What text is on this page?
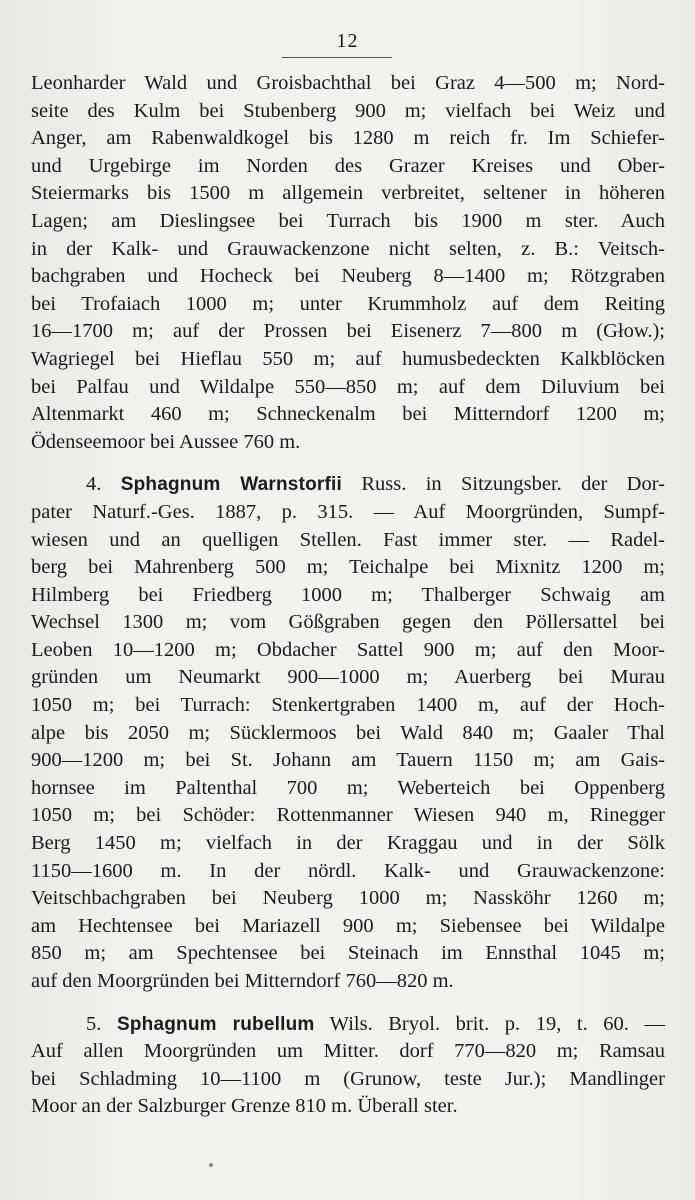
12
Leonharder Wald und Groisbachthal bei Graz 4—500 m; Nord-
seite des Kulm bei Stubenberg 900 m; vielfach bei Weiz und
Anger, am Rabenwaldkogel bis 1280 m reich fr. Im Schiefer-
und Urgebirge im Norden des Grazer Kreises und Ober-
Steiermarks bis 1500 m allgemein verbreitet, seltener in höheren
Lagen; am Dieslingsee bei Turrach bis 1900 m ster. Auch
in der Kalk- und Grauwackenzone nicht selten, z. B.: Veitsch-
bachgraben und Hocheck bei Neuberg 8—1400 m; Rötzgraben
bei Trofaiach 1000 m; unter Krummholz auf dem Reiting
16—1700 m; auf der Prossen bei Eisenerz 7—800 m (Głow.);
Wagriegel bei Hieflau 550 m; auf humusbedeckten Kalkblöcken
bei Palfau und Wildalpe 550—850 m; auf dem Diluvium bei
Altenmarkt 460 m; Schneckenalm bei Mitterndorf 1200 m;
Ödenseemoor bei Aussee 760 m.
4. Sphagnum Warnstorfii Russ. in Sitzungsber. der Dor-
pater Naturf.-Ges. 1887, p. 315. — Auf Moorgründen, Sumpf-
wiesen und an quelligen Stellen. Fast immer ster. — Radel-
berg bei Mahrenberg 500 m; Teichalpe bei Mixnitz 1200 m;
Hilmberg bei Friedberg 1000 m; Thalberger Schwaig am
Wechsel 1300 m; vom Gößgraben gegen den Pöllersattel bei
Leoben 10—1200 m; Obdacher Sattel 900 m; auf den Moor-
gründen um Neumarkt 900—1000 m; Auerberg bei Murau
1050 m; bei Turrach: Stenkertgraben 1400 m, auf der Hoch-
alpe bis 2050 m; Sücklermoos bei Wald 840 m; Gaaler Thal
900—1200 m; bei St. Johann am Tauern 1150 m; am Gais-
hornsee im Paltenthal 700 m; Weberteich bei Oppenberg
1050 m; bei Schöder: Rottenmanner Wiesen 940 m, Rinegger
Berg 1450 m; vielfach in der Kraggau und in der Sölk
1150—1600 m. In der nördl. Kalk- und Grauwackenzone:
Veitschbachgraben bei Neuberg 1000 m; Nassköhr 1260 m;
am Hechtensee bei Mariazell 900 m; Siebensee bei Wildalpe
850 m; am Spechtensee bei Steinach im Ennsthal 1045 m;
auf den Moorgründen bei Mitterndorf 760—820 m.
5. Sphagnum rubellum Wils. Bryol. brit. p. 19, t. 60. —
Auf allen Moorgründen um Mitter. dorf 770—820 m; Ramsau
bei Schladming 10—1100 m (Grunow, teste Jur.); Mandlinger
Moor an der Salzburger Grenze 810 m. Überall ster.
